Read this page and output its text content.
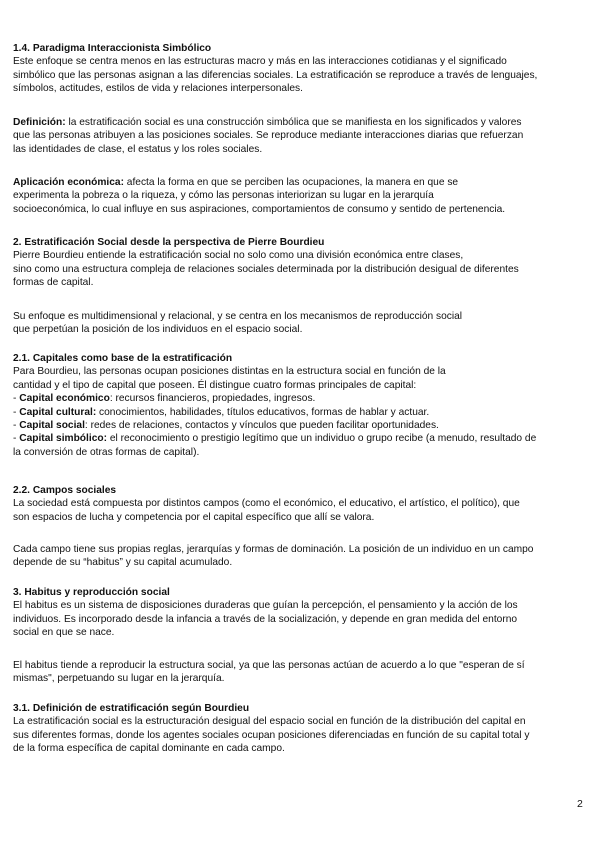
1.4. Paradigma Interaccionista Simbólico
Este enfoque se centra menos en las estructuras macro y más en las interacciones cotidianas y el significado
simbólico que las personas asignan a las diferencias sociales. La estratificación se reproduce a través de lenguajes,
símbolos, actitudes, estilos de vida y relaciones interpersonales.
Definición: la estratificación social es una construcción simbólica que se manifiesta en los significados y valores
que las personas atribuyen a las posiciones sociales. Se reproduce mediante interacciones diarias que refuerzan
las identidades de clase, el estatus y los roles sociales.
Aplicación económica: afecta la forma en que se perciben las ocupaciones, la manera en que se
experimenta la pobreza o la riqueza, y cómo las personas interiorizan su lugar en la jerarquía
socioeconómica, lo cual influye en sus aspiraciones, comportamientos de consumo y sentido de pertenencia.
2. Estratificación Social desde la perspectiva de Pierre Bourdieu
Pierre Bourdieu entiende la estratificación social no solo como una división económica entre clases,
sino como una estructura compleja de relaciones sociales determinada por la distribución desigual de diferentes
formas de capital.
Su enfoque es multidimensional y relacional, y se centra en los mecanismos de reproducción social
que perpetúan la posición de los individuos en el espacio social.
2.1. Capitales como base de la estratificación
Para Bourdieu, las personas ocupan posiciones distintas en la estructura social en función de la
cantidad y el tipo de capital que poseen. Él distingue cuatro formas principales de capital:
- Capital económico: recursos financieros, propiedades, ingresos.
- Capital cultural: conocimientos, habilidades, títulos educativos, formas de hablar y actuar.
- Capital social: redes de relaciones, contactos y vínculos que pueden facilitar oportunidades.
- Capital simbólico: el reconocimiento o prestigio legítimo que un individuo o grupo recibe (a menudo, resultado de
la conversión de otras formas de capital).
2.2. Campos sociales
La sociedad está compuesta por distintos campos (como el económico, el educativo, el artístico, el político), que
son espacios de lucha y competencia por el capital específico que allí se valora.
Cada campo tiene sus propias reglas, jerarquías y formas de dominación. La posición de un individuo en un campo
depende de su “habitus” y su capital acumulado.
3. Habitus y reproducción social
El habitus es un sistema de disposiciones duraderas que guían la percepción, el pensamiento y la acción de los
individuos. Es incorporado desde la infancia a través de la socialización, y depende en gran medida del entorno
social en que se nace.
El habitus tiende a reproducir la estructura social, ya que las personas actúan de acuerdo a lo que "esperan de sí
mismas", perpetuando su lugar en la jerarquía.
3.1. Definición de estratificación según Bourdieu
La estratificación social es la estructuración desigual del espacio social en función de la distribución del capital en
sus diferentes formas, donde los agentes sociales ocupan posiciones diferenciadas en función de su capital total y
de la forma específica de capital dominante en cada campo.
2
